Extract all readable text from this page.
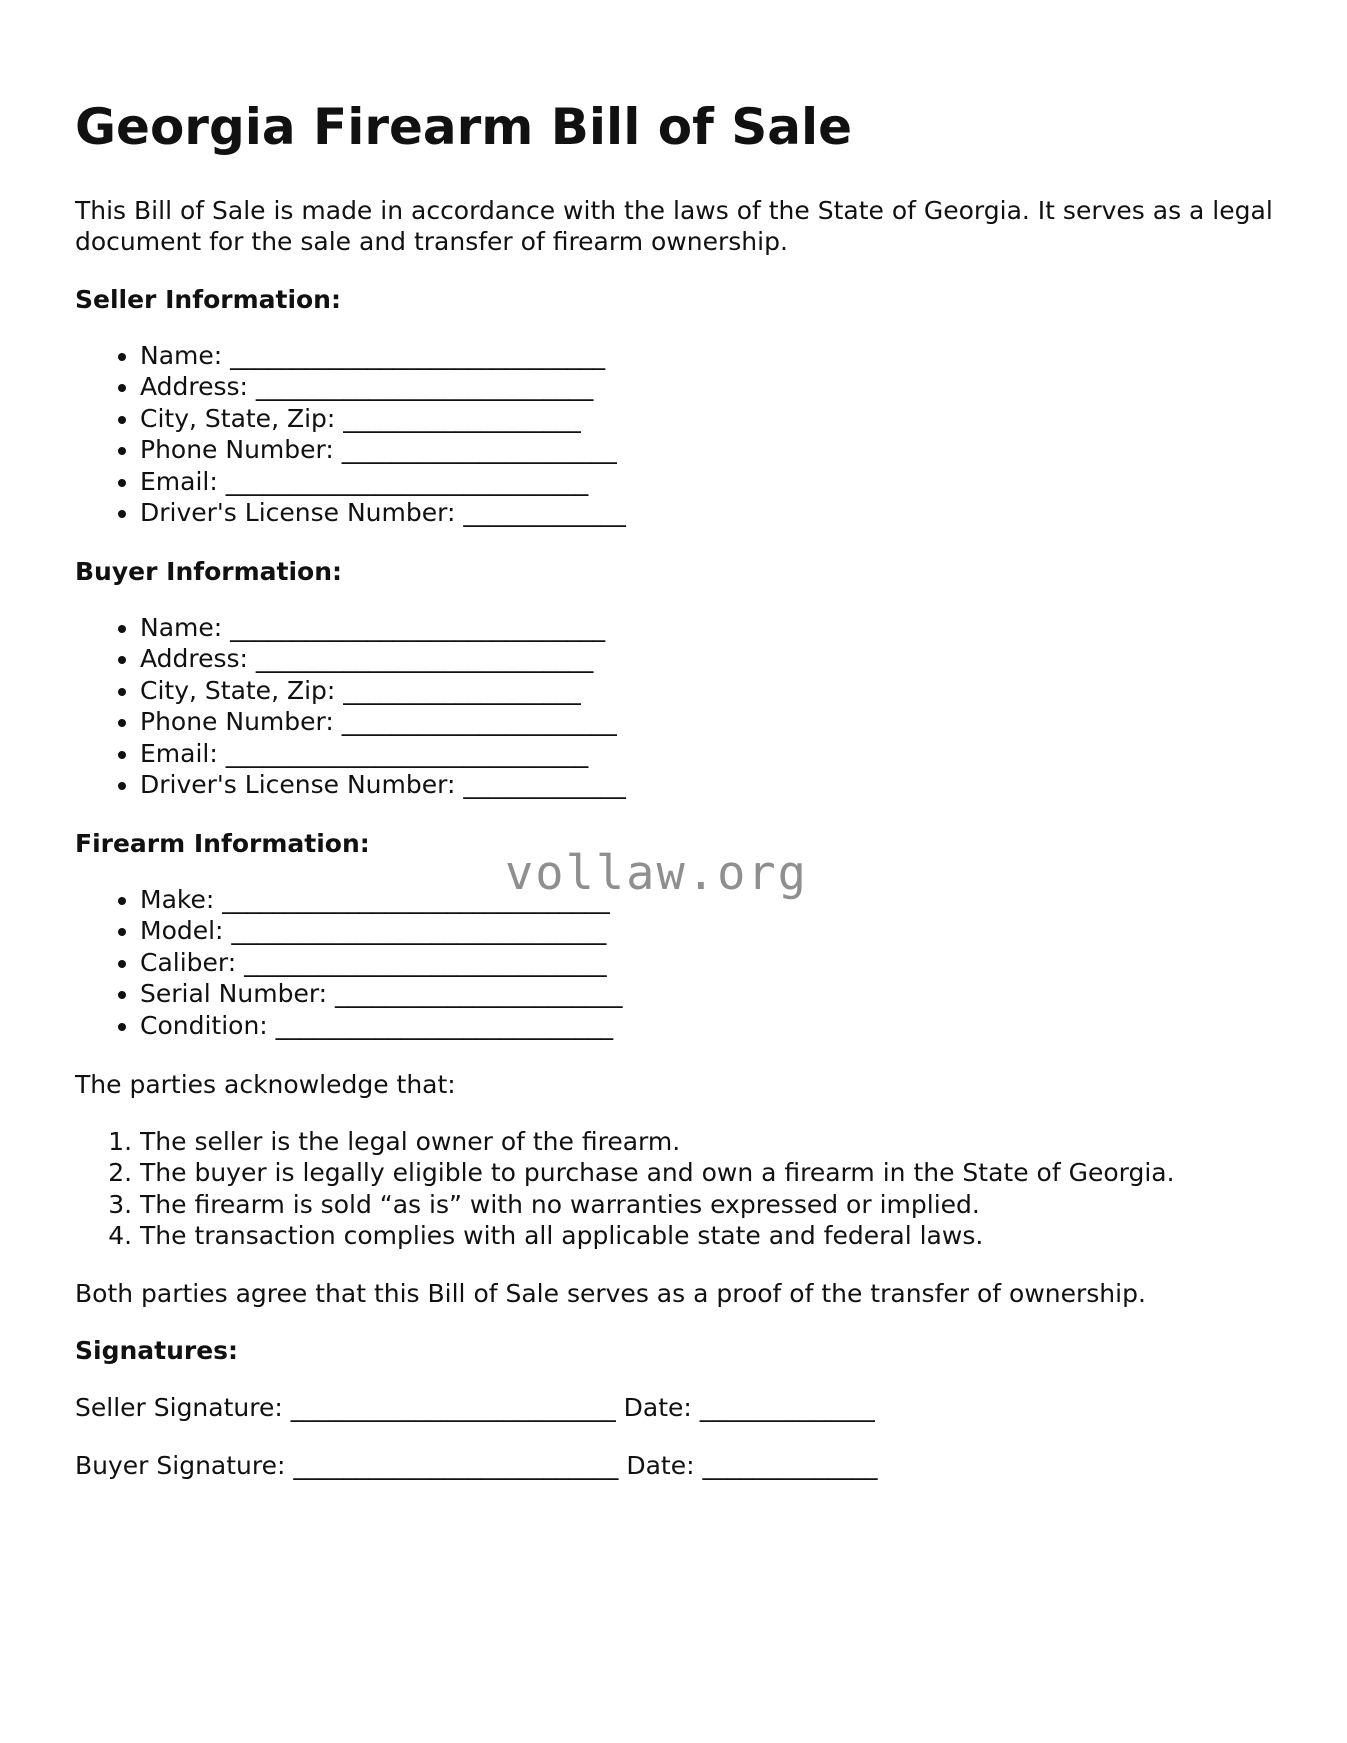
Georgia Firearm Bill of Sale

This Bill of Sale is made in accordance with the laws of the State of Georgia. It serves as a legal document for the sale and transfer of firearm ownership.

Seller Information:

• Name: ______________________________
• Address: ___________________________
• City, State, Zip: ___________________
• Phone Number: ______________________
• Email: _____________________________
• Driver's License Number: _____________

Buyer Information:

• Name: ______________________________
• Address: ___________________________
• City, State, Zip: ___________________
• Phone Number: ______________________
• Email: _____________________________
• Driver's License Number: _____________

Firearm Information:

• Make: _______________________________
• Model: ______________________________
• Caliber: _____________________________
• Serial Number: _______________________
• Condition: ___________________________

The parties acknowledge that:

1. The seller is the legal owner of the firearm.
2. The buyer is legally eligible to purchase and own a firearm in the State of Georgia.
3. The firearm is sold “as is” with no warranties expressed or implied.
4. The transaction complies with all applicable state and federal laws.

Both parties agree that this Bill of Sale serves as a proof of the transfer of ownership.

Signatures:

Seller Signature: __________________________ Date: ______________

Buyer Signature: __________________________ Date: ______________

vollaw.org
